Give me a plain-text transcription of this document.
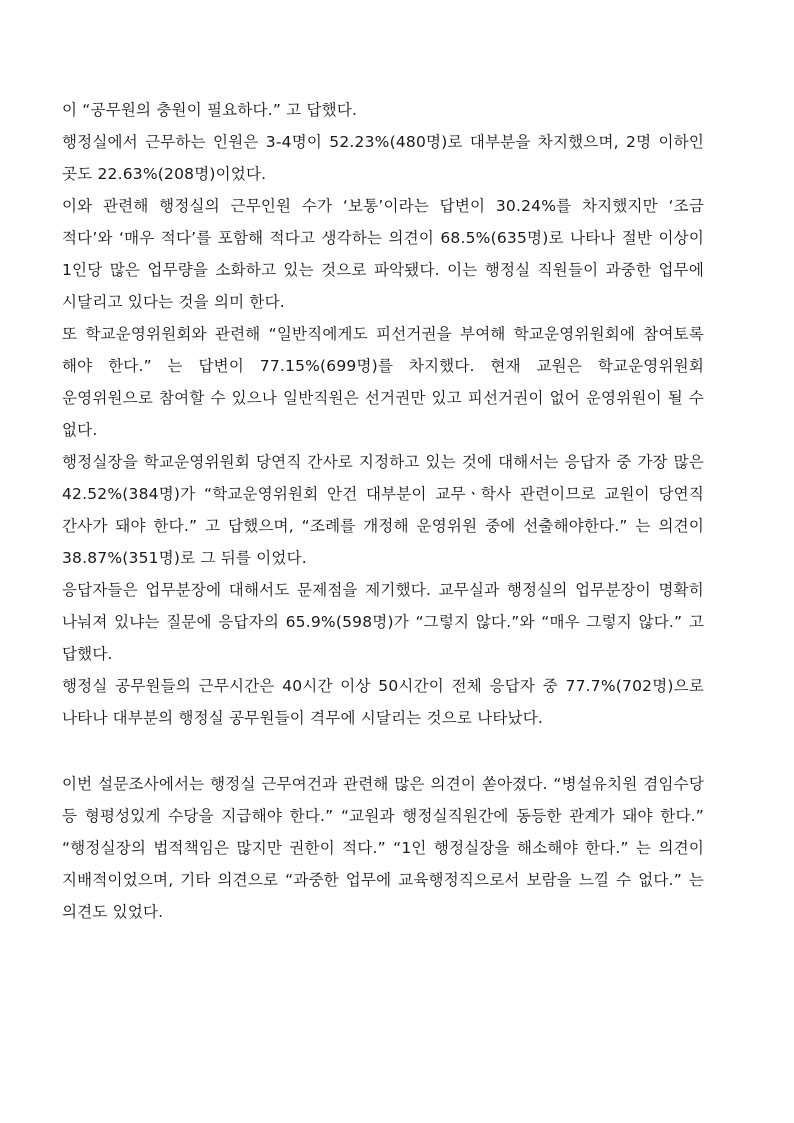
이 “공무원의 충원이 필요하다.” 고 답했다.

행정실에서 근무하는 인원은 3-4명이 52.23%(480명)로 대부분을 차지했으며, 2명 이하인 곳도 22.63%(208명)이었다.

이와 관련해 행정실의 근무인원 수가 ‘보통’이라는 답변이 30.24%를 차지했지만 ‘조금 적다’와 ‘매우 적다’를 포함해 적다고 생각하는 의견이 68.5%(635명)로 나타나 절반 이상이 1인당 많은 업무량을 소화하고 있는 것으로 파악됐다. 이는 행정실 직원들이 과중한 업무에 시달리고 있다는 것을 의미 한다.

또 학교운영위원회와 관련해 “일반직에게도 피선거권을 부여해 학교운영위원회에 참여토록 해야 한다.” 는 답변이 77.15%(699명)를 차지했다. 현재 교원은 학교운영위원회 운영위원으로 참여할 수 있으나 일반직원은 선거권만 있고 피선거권이 없어 운영위원이 될 수 없다.

행정실장을 학교운영위원회 당연직 간사로 지정하고 있는 것에 대해서는 응답자 중 가장 많은 42.52%(384명)가 “학교운영위원회 안건 대부분이 교무ㆍ학사 관련이므로 교원이 당연직 간사가 돼야 한다.” 고 답했으며, “조례를 개정해 운영위원 중에 선출해야한다.” 는 의견이 38.87%(351명)로 그 뒤를 이었다.

응답자들은 업무분장에 대해서도 문제점을 제기했다. 교무실과 행정실의 업무분장이 명확히 나눠져 있냐는 질문에 응답자의 65.9%(598명)가 “그렇지 않다.”와 “매우 그렇지 않다.” 고 답했다.

행정실 공무원들의 근무시간은 40시간 이상 50시간이 전체 응답자 중 77.7%(702명)으로 나타나 대부분의 행정실 공무원들이 격무에 시달리는 것으로 나타났다.

이번 설문조사에서는 행정실 근무여건과 관련해 많은 의견이 쏟아졌다. “병설유치원 겸임수당 등 형평성있게 수당을 지급해야 한다.” “교원과 행정실직원간에 동등한 관계가 돼야 한다.” “행정실장의 법적책임은 많지만 권한이 적다.” “1인 행정실장을 해소해야 한다.” 는 의견이 지배적이었으며, 기타 의견으로 “과중한 업무에 교육행정직으로서 보람을 느낄 수 없다.” 는 의견도 있었다.
